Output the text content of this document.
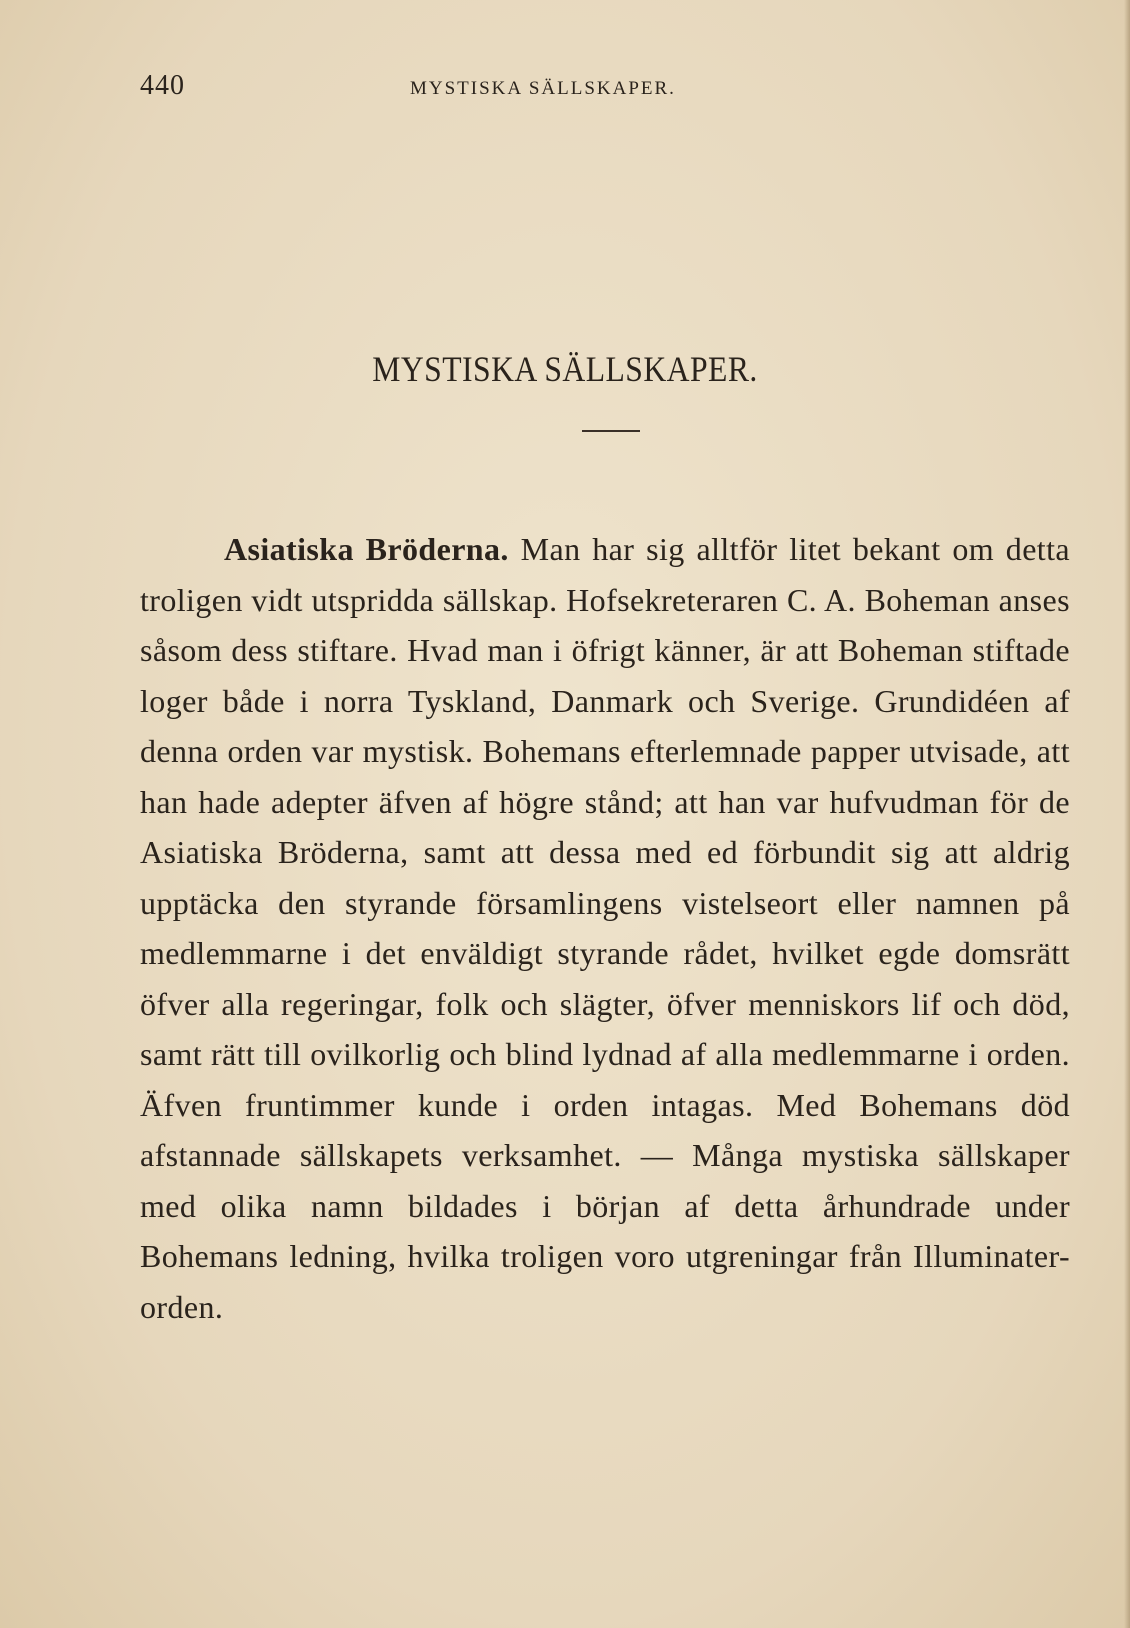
440	MYSTISKA SÄLLSKAPER.
MYSTISKA SÄLLSKAPER.

Asiatiska Bröderna. Man har sig alltför litet bekant om detta troligen vidt utspridda sällskap. Hofsekreteraren C. A. Boheman anses såsom dess stiftare. Hvad man i öfrigt känner, är att Boheman stiftade loger både i norra Tyskland, Danmark och Sverige. Grundidéen af denna orden var mystisk. Bohemans efterlemnade papper utvisade, att han hade adepter äfven af högre stånd; att han var hufvudman för de Asiatiska Bröderna, samt att dessa med ed förbundit sig att aldrig upptäcka den styrande församlingens vistelseort eller namnen på medlemmarne i det enväldigt styrande rådet, hvilket egde domsrätt öfver alla regeringar, folk och slägter, öfver menniskors lif och död, samt rätt till ovilkorlig och blind lydnad af alla medlemmarne i orden. Äfven fruntimmer kunde i orden intagas. Med Bohemans död afstannade sällskapets verksamhet. — Många mystiska sällskaper med olika namn bildades i början af detta århundrade under Bohemans ledning, hvilka troligen voro utgreningar från Illuminater-orden.
